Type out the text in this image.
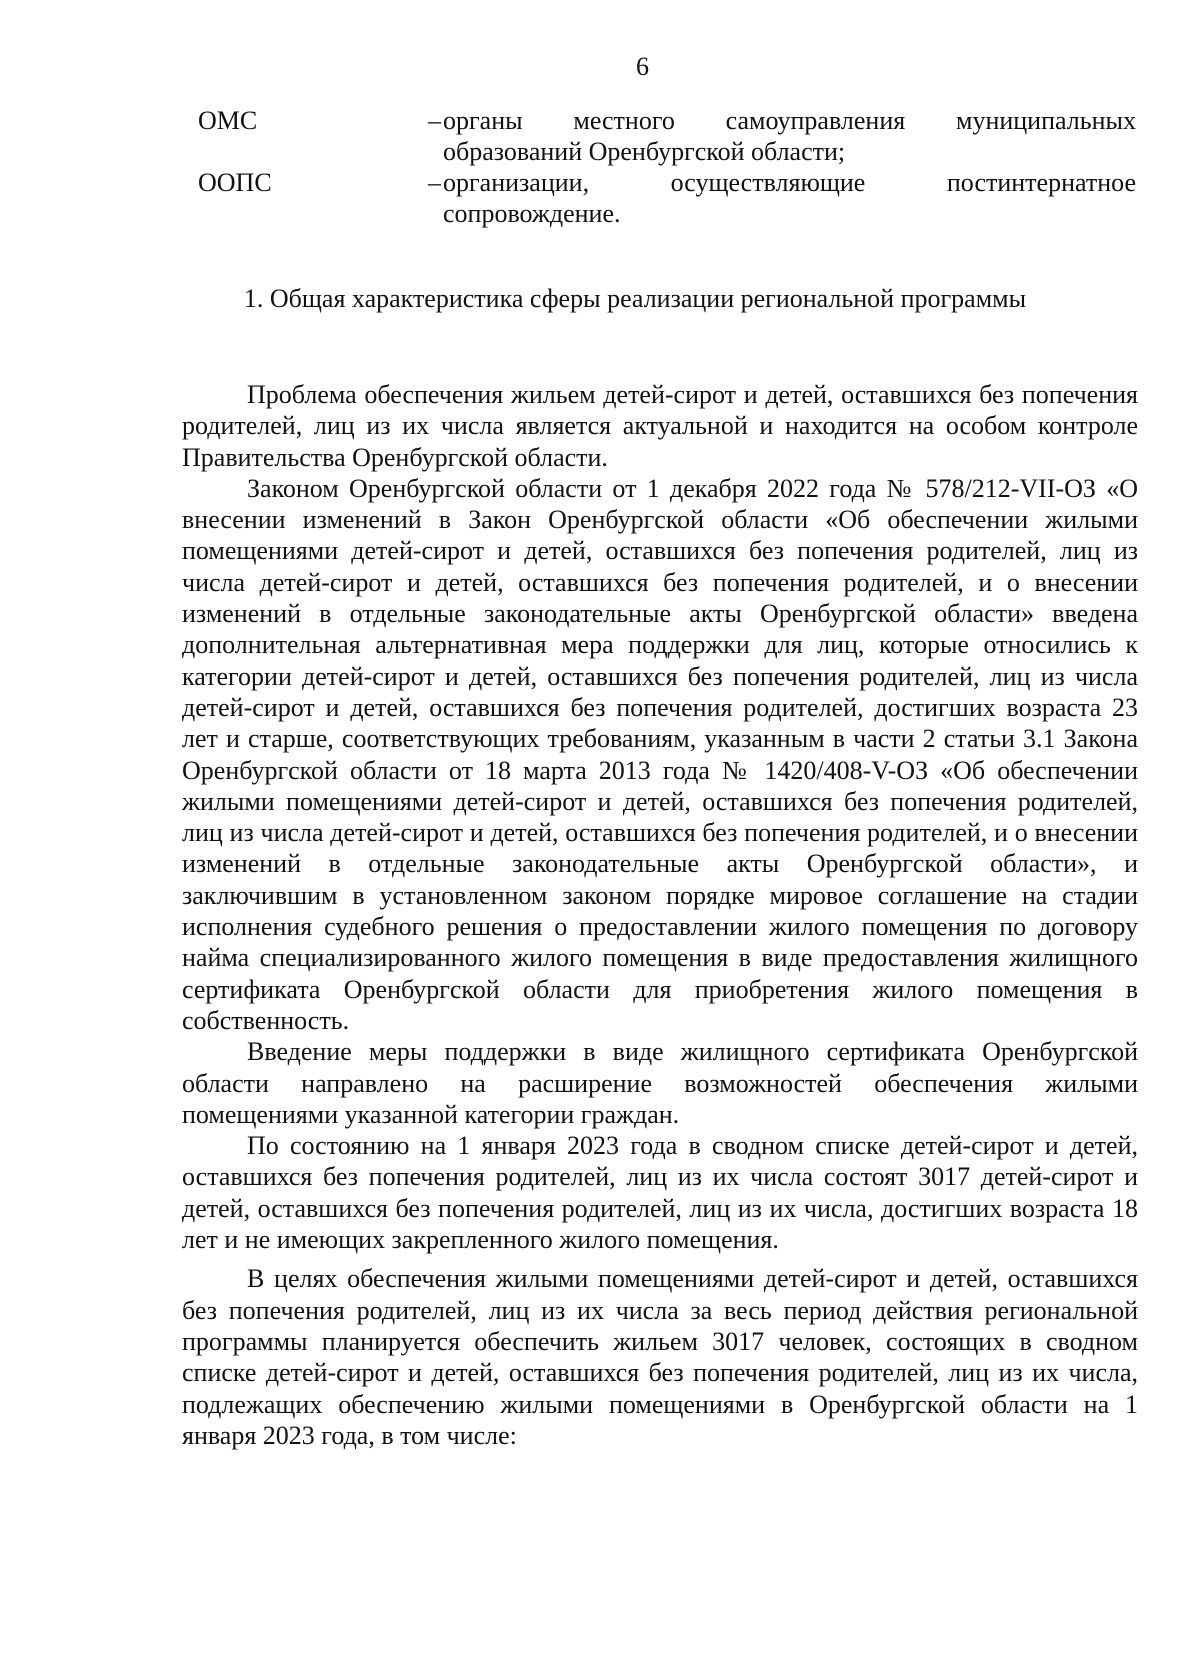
6
ОМС	– органы местного самоуправления муниципальных образований Оренбургской области;
ООПС	– организации, осуществляющие постинтернатное сопровождение.
1. Общая характеристика сферы реализации региональной программы

Проблема обеспечения жильем детей-сирот и детей, оставшихся без попечения родителей, лиц из их числа является актуальной и находится на особом контроле Правительства Оренбургской области.

Законом Оренбургской области от 1 декабря 2022 года № 578/212-VII-ОЗ «О внесении изменений в Закон Оренбургской области «Об обеспечении жилыми помещениями детей-сирот и детей, оставшихся без попечения родителей, лиц из числа детей-сирот и детей, оставшихся без попечения родителей, и о внесении изменений в отдельные законодательные акты Оренбургской области» введена дополнительная альтернативная мера поддержки для лиц, которые относились к категории детей-сирот и детей, оставшихся без попечения родителей, лиц из числа детей-сирот и детей, оставшихся без попечения родителей, достигших возраста 23 лет и старше, соответствующих требованиям, указанным в части 2 статьи 3.1 Закона Оренбургской области от 18 марта 2013 года № 1420/408-V-ОЗ «Об обеспечении жилыми помещениями детей-сирот и детей, оставшихся без попечения родителей, лиц из числа детей-сирот и детей, оставшихся без попечения родителей, и о внесении изменений в отдельные законодательные акты Оренбургской области», и заключившим в установленном законом порядке мировое соглашение на стадии исполнения судебного решения о предоставлении жилого помещения по договору найма специализированного жилого помещения в виде предоставления жилищного сертификата Оренбургской области для приобретения жилого помещения в собственность.

Введение меры поддержки в виде жилищного сертификата Оренбургской области направлено на расширение возможностей обеспечения жилыми помещениями указанной категории граждан.

По состоянию на 1 января 2023 года в сводном списке детей-сирот и детей, оставшихся без попечения родителей, лиц из их числа состоят 3017 детей-сирот и детей, оставшихся без попечения родителей, лиц из их числа, достигших возраста 18 лет и не имеющих закрепленного жилого помещения.

В целях обеспечения жилыми помещениями детей-сирот и детей, оставшихся без попечения родителей, лиц из их числа за весь период действия региональной программы планируется обеспечить жильем 3017 человек, состоящих в сводном списке детей-сирот и детей, оставшихся без попечения родителей, лиц из их числа, подлежащих обеспечению жилыми помещениями в Оренбургской области на 1 января 2023 года, в том числе:
